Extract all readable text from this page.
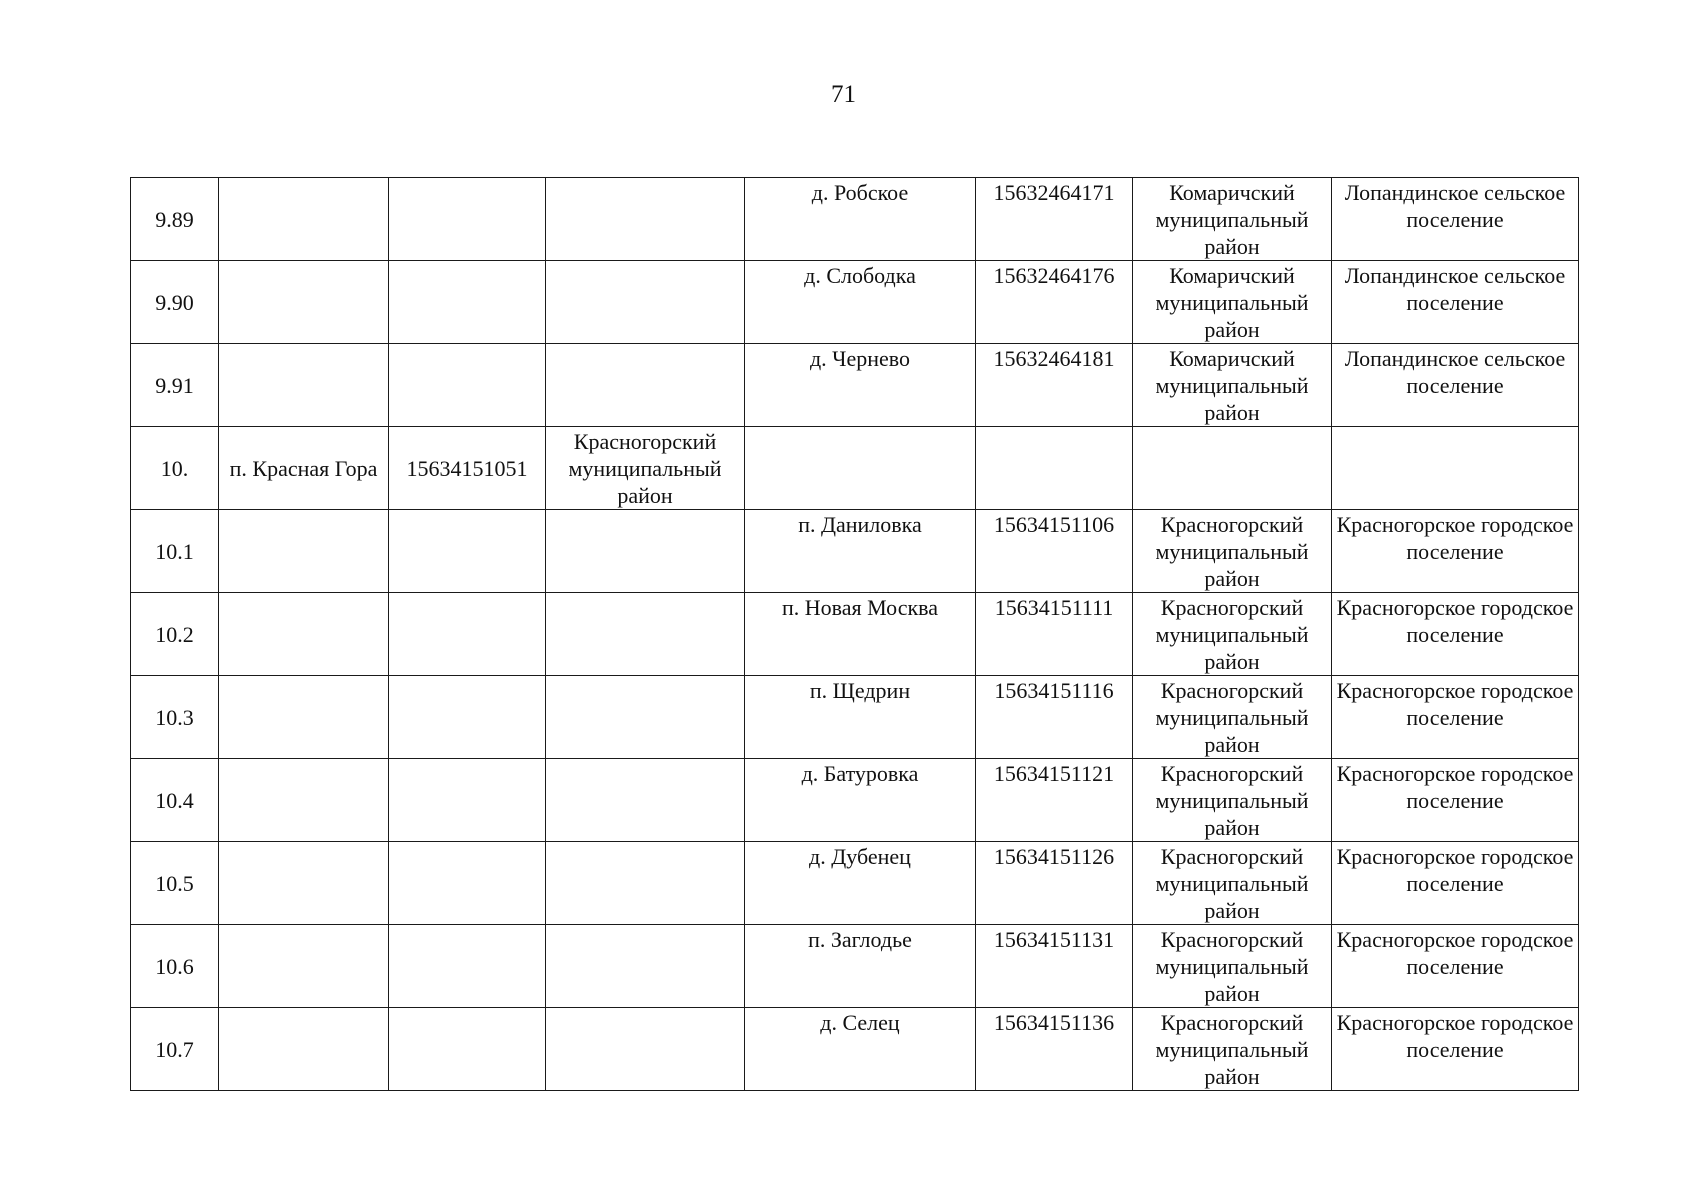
71
9.89				д. Робское	15632464171	Комаричский муниципальный район	Лопандинское сельское поселение

9.90				д. Слободка	15632464176	Комаричский муниципальный район	Лопандинское сельское поселение

9.91				д. Чернево	15632464181	Комаричский муниципальный район	Лопандинское сельское поселение

10.	п. Красная Гора	15634151051	Красногорский муниципальный район				

10.1				п. Даниловка	15634151106	Красногорский муниципальный район	Красногорское городское поселение

10.2				п. Новая Москва	15634151111	Красногорский муниципальный район	Красногорское городское поселение

10.3				п. Щедрин	15634151116	Красногорский муниципальный район	Красногорское городское поселение

10.4				д. Батуровка	15634151121	Красногорский муниципальный район	Красногорское городское поселение

10.5				д. Дубенец	15634151126	Красногорский муниципальный район	Красногорское городское поселение

10.6				п. Заглодье	15634151131	Красногорский муниципальный район	Красногорское городское поселение

10.7				д. Селец	15634151136	Красногорский муниципальный район	Красногорское городское поселение
